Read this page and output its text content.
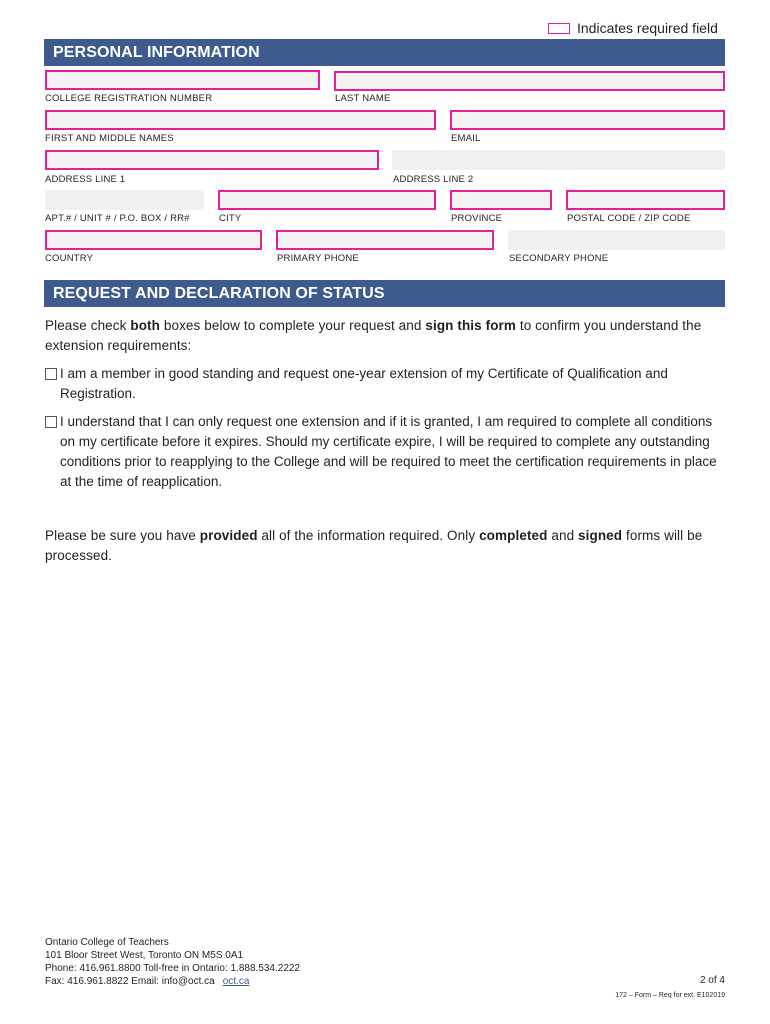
Indicates required field
PERSONAL INFORMATION
COLLEGE REGISTRATION NUMBER	LAST NAME
FIRST AND MIDDLE NAMES	EMAIL
ADDRESS LINE 1	ADDRESS LINE 2
APT.# / UNIT # / P.O. BOX / RR#	CITY	PROVINCE	POSTAL CODE / ZIP CODE
COUNTRY	PRIMARY PHONE	SECONDARY PHONE
REQUEST AND DECLARATION OF STATUS
Please check both boxes below to complete your request and sign this form to confirm you understand the extension requirements:
I am a member in good standing and request one-year extension of my Certificate of Qualification and Registration.
I understand that I can only request one extension and if it is granted, I am required to complete all conditions on my certificate before it expires. Should my certificate expire, I will be required to complete any outstanding conditions prior to reapplying to the College and will be required to meet the certification requirements in place at the time of reapplication.
Please be sure you have provided all of the information required. Only completed and signed forms will be processed.
Ontario College of Teachers
101 Bloor Street West, Toronto ON M5S 0A1
Phone: 416.961.8800 Toll-free in Ontario: 1.888.534.2222
Fax: 416.961.8822 Email: info@oct.ca oct.ca	2 of 4
172 – Form – Req for ext. E102019
